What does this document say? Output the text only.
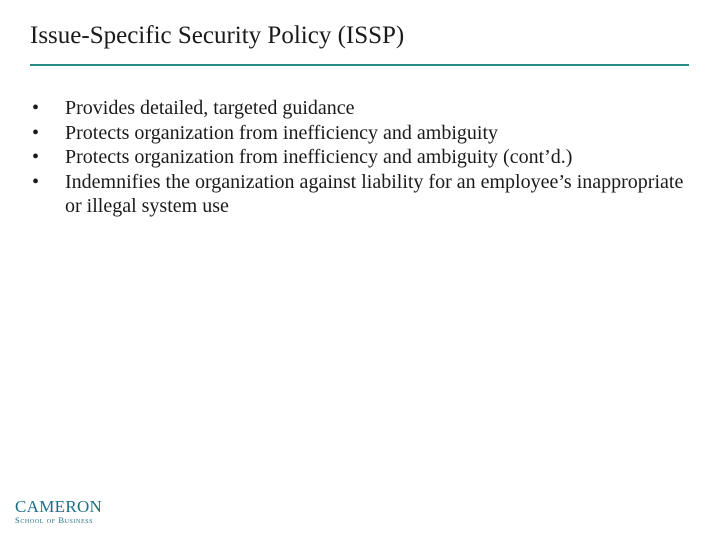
Issue-Specific Security Policy (ISSP)
•	Provides detailed, targeted guidance
•	Protects organization from inefficiency and ambiguity
•	Protects organization from inefficiency and ambiguity (cont’d.)
•	Indemnifies the organization against liability for an employee’s inappropriate or illegal system use
CAMERON
School of Business
